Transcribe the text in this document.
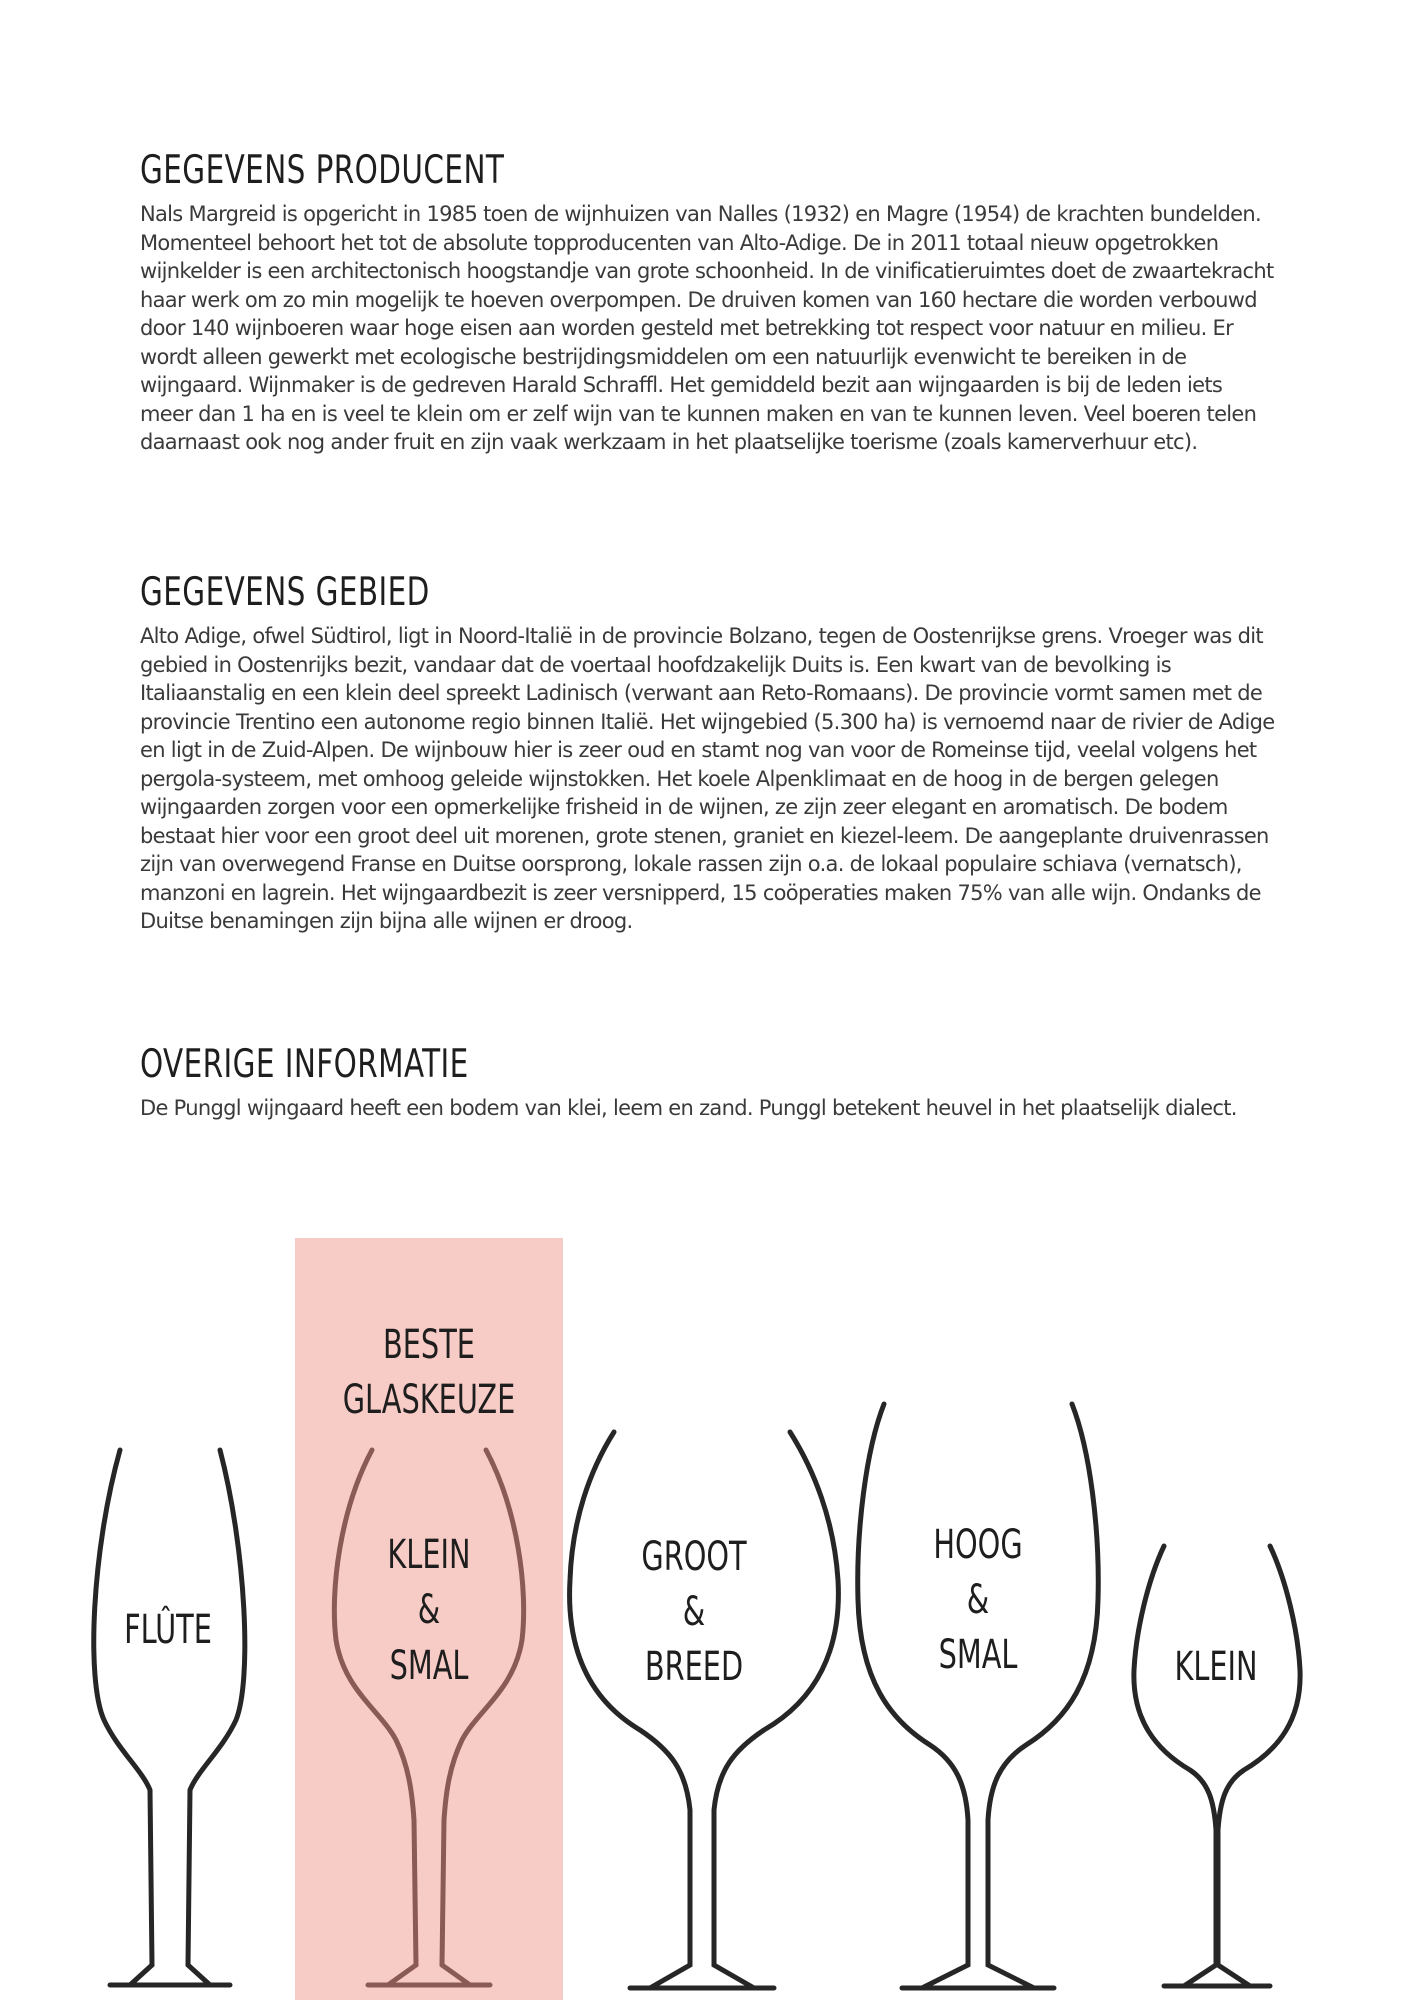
GEGEVENS PRODUCENT

Nals Margreid is opgericht in 1985 toen de wijnhuizen van Nalles (1932) en Magre (1954) de krachten bundelden. Momenteel behoort het tot de absolute topproducenten van Alto-Adige. De in 2011 totaal nieuw opgetrokken wijnkelder is een architectonisch hoogstandje van grote schoonheid. In de vinificatieruimtes doet de zwaartekracht haar werk om zo min mogelijk te hoeven overpompen. De druiven komen van 160 hectare die worden verbouwd door 140 wijnboeren waar hoge eisen aan worden gesteld met betrekking tot respect voor natuur en milieu. Er wordt alleen gewerkt met ecologische bestrijdingsmiddelen om een natuurlijk evenwicht te bereiken in de wijngaard. Wijnmaker is de gedreven Harald Schraffl. Het gemiddeld bezit aan wijngaarden is bij de leden iets meer dan 1 ha en is veel te klein om er zelf wijn van te kunnen maken en van te kunnen leven. Veel boeren telen daarnaast ook nog ander fruit en zijn vaak werkzaam in het plaatselijke toerisme (zoals kamerverhuur etc).

GEGEVENS GEBIED

Alto Adige, ofwel Südtirol, ligt in Noord-Italië in de provincie Bolzano, tegen de Oostenrijkse grens. Vroeger was dit gebied in Oostenrijks bezit, vandaar dat de voertaal hoofdzakelijk Duits is. Een kwart van de bevolking is Italiaanstalig en een klein deel spreekt Ladinisch (verwant aan Reto-Romaans). De provincie vormt samen met de provincie Trentino een autonome regio binnen Italië. Het wijngebied (5.300 ha) is vernoemd naar de rivier de Adige en ligt in de Zuid-Alpen. De wijnbouw hier is zeer oud en stamt nog van voor de Romeinse tijd, veelal volgens het pergola-systeem, met omhoog geleide wijnstokken. Het koele Alpenklimaat en de hoog in de bergen gelegen wijngaarden zorgen voor een opmerkelijke frisheid in de wijnen, ze zijn zeer elegant en aromatisch. De bodem bestaat hier voor een groot deel uit morenen, grote stenen, graniet en kiezel-leem. De aangeplante druivenrassen zijn van overwegend Franse en Duitse oorsprong, lokale rassen zijn o.a. de lokaal populaire schiava (vernatsch), manzoni en lagrein. Het wijngaardbezit is zeer versnipperd, 15 coöperaties maken 75% van alle wijn. Ondanks de Duitse benamingen zijn bijna alle wijnen er droog.

OVERIGE INFORMATIE

De Punggl wijngaard heeft een bodem van klei, leem en zand. Punggl betekent heuvel in het plaatselijk dialect.

BESTE
GLASKEUZE
FLÛTE
KLEIN
&
SMAL
GROOT
&
BREED
HOOG
&
SMAL	KLEIN
